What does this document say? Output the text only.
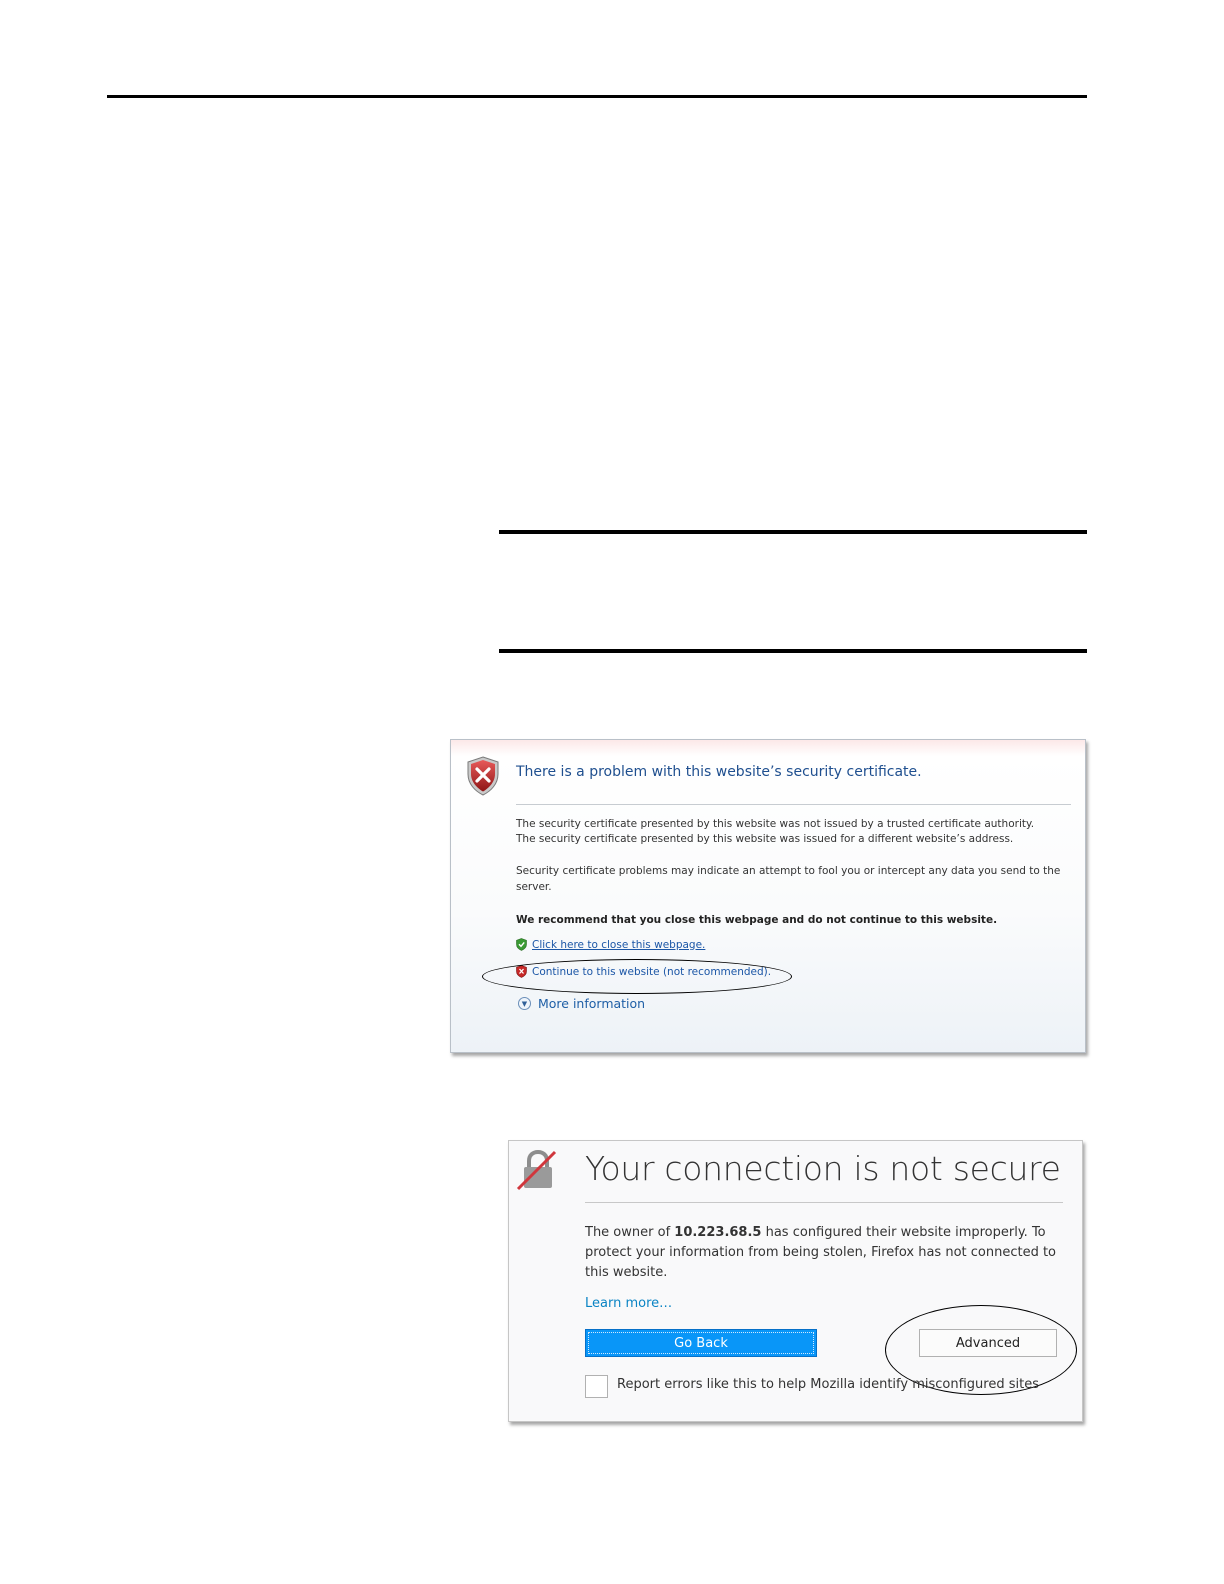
There is a problem with this website’s security certificate.
The security certificate presented by this website was not issued by a trusted certificate authority.
The security certificate presented by this website was issued for a different website’s address.
Security certificate problems may indicate an attempt to fool you or intercept any data you send to the
server.
We recommend that you close this webpage and do not continue to this website.
Click here to close this webpage.
Continue to this website (not recommended).
▼ More information
Your connection is not secure
The owner of 10.223.68.5 has configured their website improperly. To protect your information from being stolen, Firefox has not connected to this website.
Learn more…
Go Back	Advanced
Report errors like this to help Mozilla identify misconfigured sites
